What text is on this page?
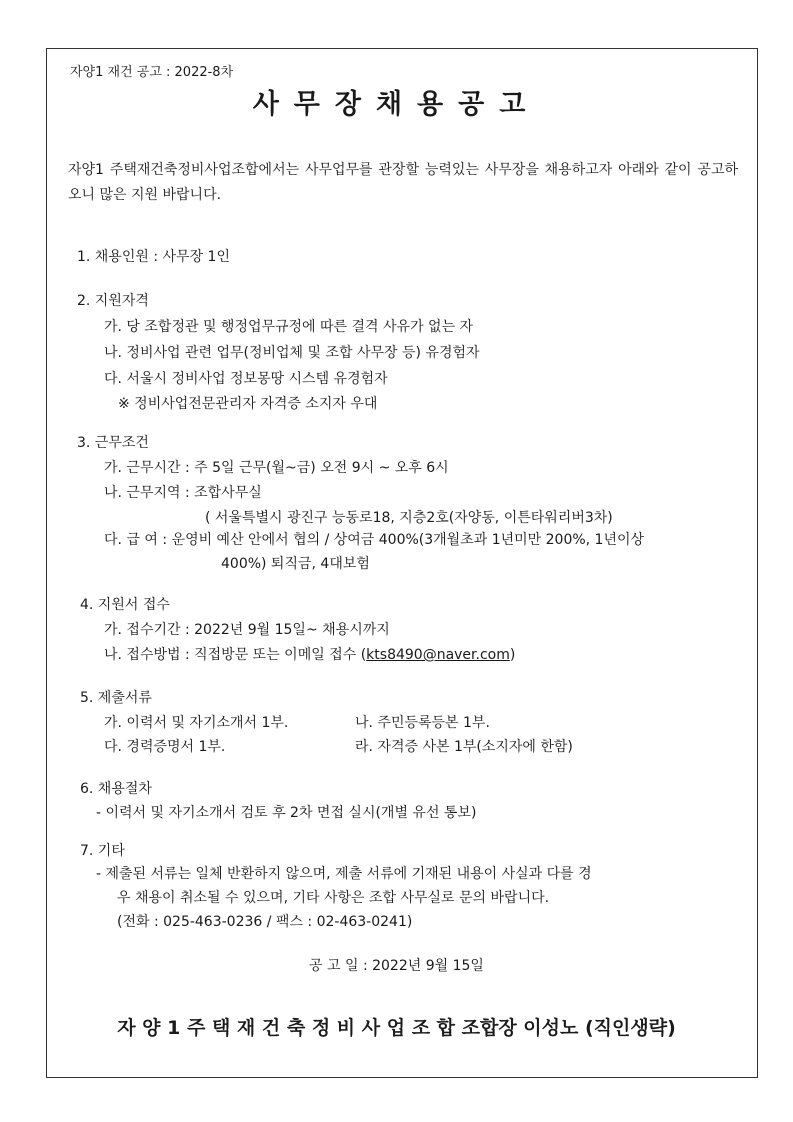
자양1 재건 공고 : 2022-8차
사무장채용공고
자양1 주택재건축정비사업조합에서는 사무업무를 관장할 능력있는 사무장을 채용하고자 아래와 같이 공고하오니 많은 지원 바랍니다.
1. 채용인원 : 사무장 1인
2. 지원자격
가. 당 조합정관 및 행정업무규정에 따른 결격 사유가 없는 자
나. 정비사업 관련 업무(정비업체 및 조합 사무장 등) 유경험자
다. 서울시 정비사업 정보몽땅 시스템 유경험자
※ 정비사업전문관리자 자격증 소지자 우대
3. 근무조건
가. 근무시간 : 주 5일 근무(월~금) 오전 9시 ~ 오후 6시
나. 근무지역 : 조합사무실
( 서울특별시 광진구 능동로18, 지층2호(자양동, 이튼타워리버3차)
다. 급 여 : 운영비 예산 안에서 협의 / 상여금 400%(3개월초과 1년미만 200%, 1년이상
400%) 퇴직금, 4대보험
4. 지원서 접수
가. 접수기간 : 2022년 9월 15일~ 채용시까지
나. 접수방법 : 직접방문 또는 이메일 접수 (kts8490@naver.com)
5. 제출서류
가. 이력서 및 자기소개서 1부.	나. 주민등록등본 1부.
다. 경력증명서 1부.	라. 자격증 사본 1부(소지자에 한함)
6. 채용절차
- 이력서 및 자기소개서 검토 후 2차 면접 실시(개별 유선 통보)
7. 기타
- 제출된 서류는 일체 반환하지 않으며, 제출 서류에 기재된 내용이 사실과 다를 경
우 채용이 취소될 수 있으며, 기타 사항은 조합 사무실로 문의 바랍니다.
(전화 : 025-463-0236 / 팩스 : 02-463-0241)
공 고 일 : 2022년 9월 15일
자 양 1 주 택 재 건 축 정 비 사 업 조 합 조합장 이성노 (직인생략)
